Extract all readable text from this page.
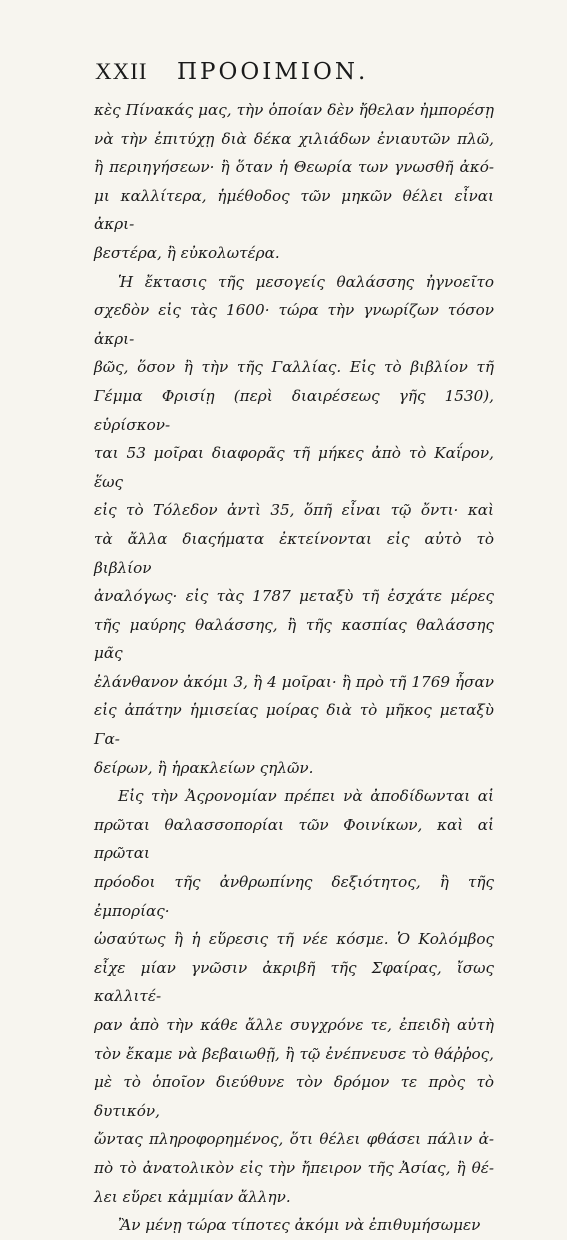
XXII ΠΡΟΟΙΜΙΟΝ.

κὲς Πίνακάς μας, τὴν ὁποίαν δὲν ἤθελαν ἠμπορέσῃ

νὰ τὴν ἐπιτύχῃ διὰ δέκα χιλιάδων ἐνιαυτῶν πλῶ,

ἢ περιηγήσεων· ἢ ὅταν ἡ Θεωρία των γνωσθῆ ἀκό-

μι καλλίτερα, ἡμέθοδος τῶν μηκῶν θέλει εἶναι ἀκρι-

βεστέρα, ἢ εὐκολωτέρα.

Ἡ ἔκτασις τῆς μεσογείς θαλάσσης ἠγνοεῖτο

σχεδὸν εἰς τὰς 1600· τώρα τὴν γνωρίζων τόσον ἀκρι-

βῶς, ὅσον ἢ τὴν τῆς Γαλλίας. Εἰς τὸ βιβλίον τῆ

Γέμμα Φρισίῃ (περὶ διαιρέσεως γῆς 1530), εὑρίσκον-

ται 53 μοῖραι διαφορᾶς τῆ μήκες ἀπὸ τὸ Καΐρον, ἕως

εἰς τὸ Τόλεδον ἀντὶ 35, ὅπῆ εἶναι τῷ ὄντι· καὶ

τὰ ἄλλα διαςήματα ἐκτείνονται εἰς αὐτὸ τὸ βιβλίον

ἀναλόγως· εἰς τὰς 1787 μεταξὺ τῆ ἐσχάτε μέρες

τῆς μαύρης θαλάσσης, ἢ τῆς κασπίας θαλάσσης μᾶς

ἐλάνθανον ἀκόμι 3, ἢ 4 μοῖραι· ἢ πρὸ τῆ 1769 ἦσαν

εἰς ἀπάτην ἡμισείας μοίρας διὰ τὸ μῆκος μεταξὺ Γα-

δείρων, ἢ ἡρακλείων ςηλῶν.

Εἰς τὴν Ἀςρονομίαν πρέπει νὰ ἀποδίδωνται αἱ

πρῶται θαλασσοπορίαι τῶν Φοινίκων, καὶ αἱ πρῶται

πρόοδοι τῆς ἀνθρωπίνης δεξιότητος, ἢ τῆς ἐμπορίας·

ὡσαύτως ἢ ἡ εὕρεσις τῆ νέε κόσμε. Ὁ Κολόμβος

εἶχε μίαν γνῶσιν ἀκριβῆ τῆς Σφαίρας, ἴσως καλλιτέ-

ραν ἀπὸ τὴν κάθε ἄλλε συγχρόνε τε, ἐπειδὴ αὐτὴ

τὸν ἔκαμε νὰ βεβαιωθῇ, ἢ τῷ ἐνέπνευσε τὸ θάῤῥος,

μὲ τὸ ὁποῖον διεύθυνε τὸν δρόμον τε πρὸς τὸ δυτικόν,

ὤντας πληροφορημένος, ὅτι θέλει φθάσει πάλιν ἀ-

πὸ τὸ ἀνατολικὸν εἰς τὴν ἤπειρον τῆς Ἀσίας, ἢ θέ-

λει εὕρει κἀμμίαν ἄλλην.

Ἂν μένῃ τώρα τίποτες ἀκόμι νὰ ἐπιθυμήσωμεν
